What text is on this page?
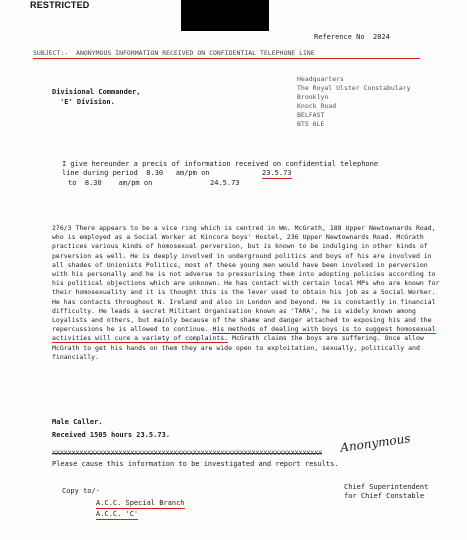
RESTRICTED
Reference No  2024
SUBJECT:-  ANONYMOUS INFORMATION RECEIVED ON CONFIDENTIAL TELEPHONE LINE
Divisional Commander,
'E' Division.
Headquarters
The Royal Ulster Constabulary
Brooklyn
Knock Road
BELFAST
BT5 6LE
I give hereunder a precis of information received on confidential telephone
line during period  8.30   am/pm on	23.5.73
to  8.30    am/pm on	24.5.73
276/3 There appears to be a vice ring which is centred in Wm. McGrath, 188 Upper Newtownards Road, who is employed as a Social Worker at Kincora boys' Hostel, 236 Upper Newtownards Road. McGrath practices various kinds of homosexual perversion, but is known to be indulging in other kinds of perversion as well. He is deeply involved in underground politics and boys of his are involved in all shades of Unionists Politics, most of these young men would have been involved in perversion with his personally and he is not adverse to pressurising them into adopting policies according to his political objections which are unknown. He has contact with certain local MPs who are known for their homosexuality and it is thought this is the lever used to obtain his job as a Social Worker. He has contacts throughout N. Ireland and also in London and beyond. He is constantly in financial difficulty. He leads a secret Militant Organisation known as 'TARA', he is widely known among Loyalists and others, but mainly because of the shame and danger attached to exposing his and the repercussions he is allowed to continue. His methods of dealing with boys is to suggest homosexual activities will cure a variety of complaints. McGrath claims the boys are suffering. Once allow McGrath to get his hands on them they are wide open to exploitation, sexually, politically and financially.
Male Caller.
Received 1505 hours 23.5.73.
XXXXXXXXXXXXXXXXXXXXXXXXXXXXXXXXXXXXXXXXXXXXXXXXXXXXXXXXXXXXXXXXXXXXX	Anonymous
Please cause this information to be investigated and report results.
Chief Superintendent
for Chief Constable
Copy to/-
A.C.C. Special Branch
A.C.C. 'C'
